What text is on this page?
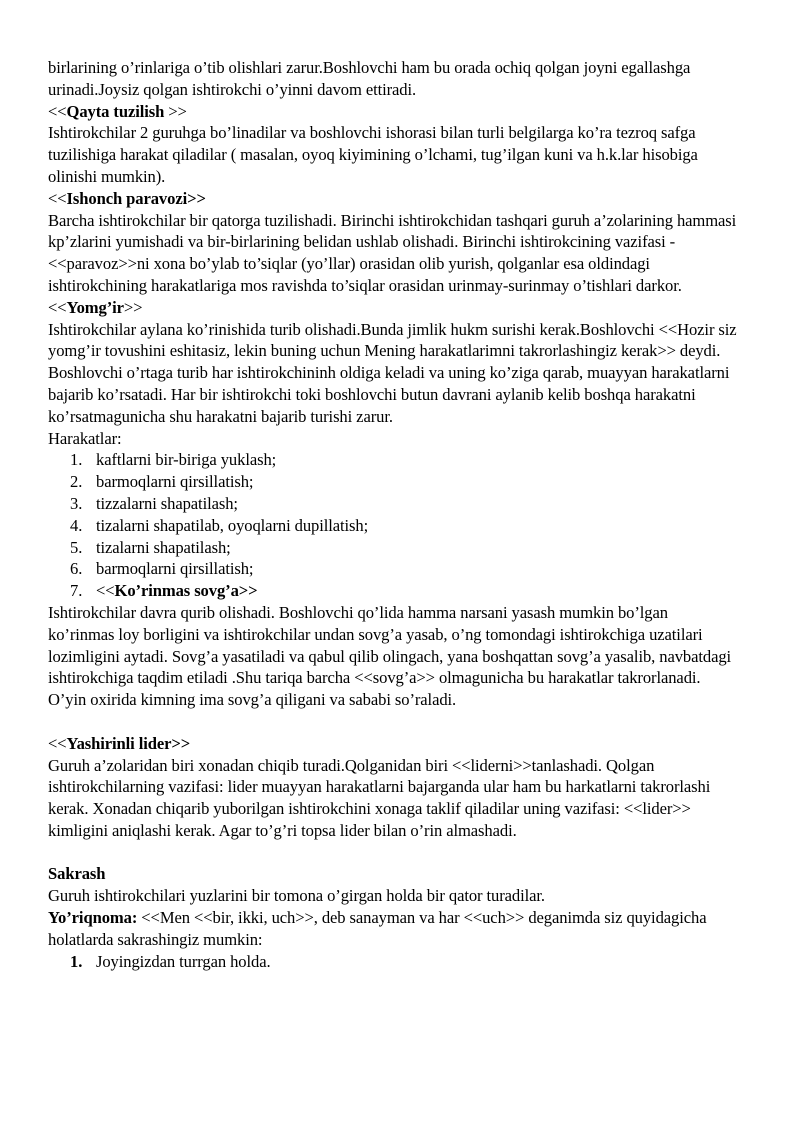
birlarining o’rinlariga o’tib olishlari zarur.Boshlovchi ham bu orada ochiq qolgan joyni egallashga urinadi.Joysiz qolgan ishtirokchi o’yinni davom ettiradi.

<<Qayta tuzilish >>

Ishtirokchilar 2 guruhga bo’linadilar va boshlovchi ishorasi bilan turli belgilarga ko’ra tezroq safga tuzilishiga harakat qiladilar ( masalan, oyoq kiyimining o’lchami, tug’ilgan kuni va h.k.lar hisobiga olinishi mumkin).

<<Ishonch paravozi>>

Barcha ishtirokchilar bir qatorga tuzilishadi. Birinchi ishtirokchidan tashqari guruh a’zolarining hammasi kp’zlarini yumishadi va bir-birlarining belidan ushlab olishadi. Birinchi ishtirokcining vazifasi - <<paravoz>>ni xona bo’ylab to’siqlar (yo’llar) orasidan olib yurish, qolganlar esa oldindagi ishtirokchining harakatlariga mos ravishda to’siqlar orasidan urinmay-surinmay o’tishlari darkor.

<<Yomg’ir>>

Ishtirokchilar aylana ko’rinishida turib olishadi.Bunda jimlik hukm surishi kerak.Boshlovchi <<Hozir siz yomg’ir tovushini eshitasiz, lekin buning uchun Mening harakatlarimni takrorlashingiz kerak>> deydi. Boshlovchi o’rtaga turib har ishtirokchininh oldiga keladi va uning ko’ziga qarab, muayyan harakatlarni bajarib ko’rsatadi. Har bir ishtirokchi toki boshlovchi butun davrani aylanib kelib boshqa harakatni ko’rsatmagunicha shu harakatni bajarib turishi zarur.

Harakatlar:

1. kaftlarni bir-biriga yuklash;
2. barmoqlarni qirsillatish;
3. tizzalarni shapatilash;
4. tizalarni shapatilab, oyoqlarni dupillatish;
5. tizalarni shapatilash;
6. barmoqlarni qirsillatish;
7. <<Ko’rinmas sovg’a>>

Ishtirokchilar davra qurib olishadi. Boshlovchi qo’lida hamma narsani yasash mumkin bo’lgan ko’rinmas loy borligini va ishtirokchilar undan sovg’a yasab, o’ng tomondagi ishtirokchiga uzatilari lozimligini aytadi. Sovg’a yasatiladi va qabul qilib olingach, yana boshqattan sovg’a yasalib, navbatdagi ishtirokchiga taqdim etiladi .Shu tariqa barcha <<sovg’a>> olmagunicha bu harakatlar takrorlanadi. O’yin oxirida kimning ima sovg’a qiligani va sababi so’raladi.

<<Yashirinli lider>>

Guruh a’zolaridan biri xonadan chiqib turadi.Qolganidan biri <<liderni>>tanlashadi. Qolgan ishtirokchilarning vazifasi: lider muayyan harakatlarni bajarganda ular ham bu harkatlarni takrorlashi kerak. Xonadan chiqarib yuborilgan ishtirokchini xonaga taklif qiladilar uning vazifasi: <<lider>> kimligini aniqlashi kerak. Agar to’g’ri topsa lider bilan o’rin almashadi.

Sakrash

Guruh ishtirokchilari yuzlarini bir tomona o’girgan holda bir qator turadilar.

Yo’riqnoma: <<Men <<bir, ikki, uch>>, deb sanayman va har <<uch>> deganimda siz quyidagicha holatlarda sakrashingiz mumkin:

1. Joyingizdan turrgan holda.
